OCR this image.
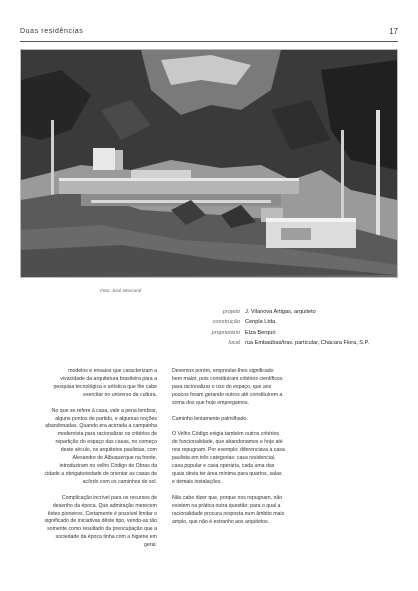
Duas residências	17
Foto: José Moscardi
projeto J. Vilanova Artigas, arquiteto
construção Cenpla Ltda.
proprietário Elza Berquó
local rua Embaúbas/trav. particular, Chácara Flora, S.P.

modelos e ensaios que caracterizam a vivacidade da arquitetura brasileira para a pesquisa tecnológica e artística que lhe cabe exercitar no universo da cultura.

No que se refere à casa, vale a pena lembrar, alguns pontos de partido, e algumas noções abandonadas. Quando era acirrada a campanha modernista para racionalizar os critérios de repartição do espaço das casas, no começo deste século, os arquitetos paulistas, com Alexandre de Albuquerque na frente, introduziram no velho Código de Obras da cidade a obrigatoriedade de orientar as casas de acôrdo com os caminhos do sol.

Complicação incrível para os recursos de desenho da época. Que admiração merecem êstes pioneiros. Certamente é possível limitar o significado de iniciativas dêste tipo, vendo-as tão somente como resultado da preocupação que a sociedade da época tinha com a higiene em geral.

Devemos porém, emprestar-lhes significado bem maior, pois constituíram critérios científicos para racionalizar o uso do espaço, que aos poucos foram gerando outros até constituírem a soma dos que hoje empregamos.

Caminho lentamente palmilhado.

O Velho Código exigia também outros critérios de funcionalidade, que abandonamos e hoje até nos repugnam. Por exemplo: diferenciava a casa paulista em três categorias: casa residencial, casa popular e casa operária, cada uma das quais devia ter área mínima para quartos, salas e demais instalações.

Não cabe dizer que, porque nos repugnam, não existem na prática outra questão; para o qual a racionalidade procura resposta num âmbito mais amplo, que não é estranho aos arquitetos.
